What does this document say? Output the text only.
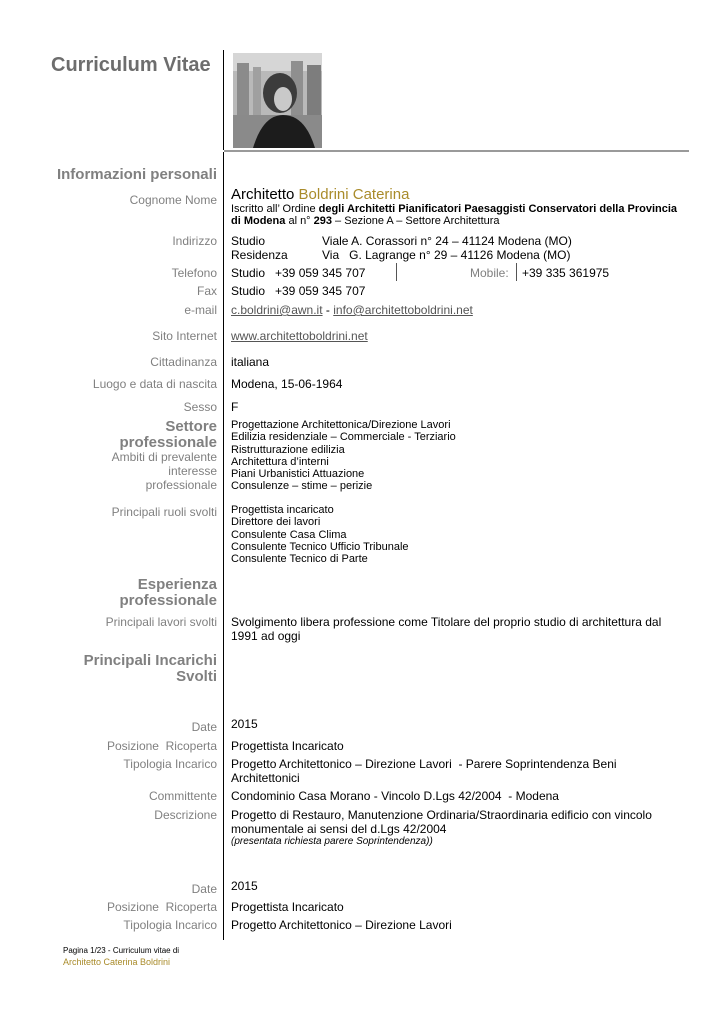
Curriculum Vitae
Informazioni personali
Cognome Nome Architetto Boldrini Caterina
Iscritto all’ Ordine degli Architetti Pianificatori Paesaggisti Conservatori della Provincia di Modena al n° 293 – Sezione A – Settore Architettura
Indirizzo Studio	Viale A. Corassori n° 24 – 41124 Modena (MO)
Residenza	Via   G. Lagrange n° 29 – 41126 Modena (MO)
Telefono Studio +39 059 345 707	Mobile: +39 335 361975
Fax Studio +39 059 345 707
e-mail c.boldrini@awn.it - info@architettoboldrini.net
Sito Internet www.architettoboldrini.net
Cittadinanza italiana
Luogo e data di nascita Modena, 15-06-1964
Sesso F
Settore
professionale
Ambiti di prevalente
interesse
professionale
Progettazione Architettonica/Direzione Lavori
Edilizia residenziale – Commerciale - Terziario
Ristrutturazione edilizia
Architettura d’interni
Piani Urbanistici Attuazione
Consulenze – stime – perizie
Principali ruoli svolti Progettista incaricato
Direttore dei lavori
Consulente Casa Clima
Consulente Tecnico Ufficio Tribunale
Consulente Tecnico di Parte
Esperienza
professionale
Principali lavori svolti Svolgimento libera professione come Titolare del proprio studio di architettura dal
1991 ad oggi
Principali Incarichi
Svolti
Date 2015
Posizione  Ricoperta Progettista Incaricato
Tipologia Incarico Progetto Architettonico – Direzione Lavori  - Parere Soprintendenza Beni
Architettonici
Committente Condominio Casa Morano - Vincolo D.Lgs 42/2004  - Modena
Descrizione Progetto di Restauro, Manutenzione Ordinaria/Straordinaria edificio con vincolo
monumentale ai sensi del d.Lgs 42/2004
(presentata richiesta parere Soprintendenza))
Date 2015
Posizione  Ricoperta Progettista Incaricato
Tipologia Incarico Progetto Architettonico – Direzione Lavori
Pagina 1/23 - Curriculum vitae di
Architetto Caterina Boldrini
